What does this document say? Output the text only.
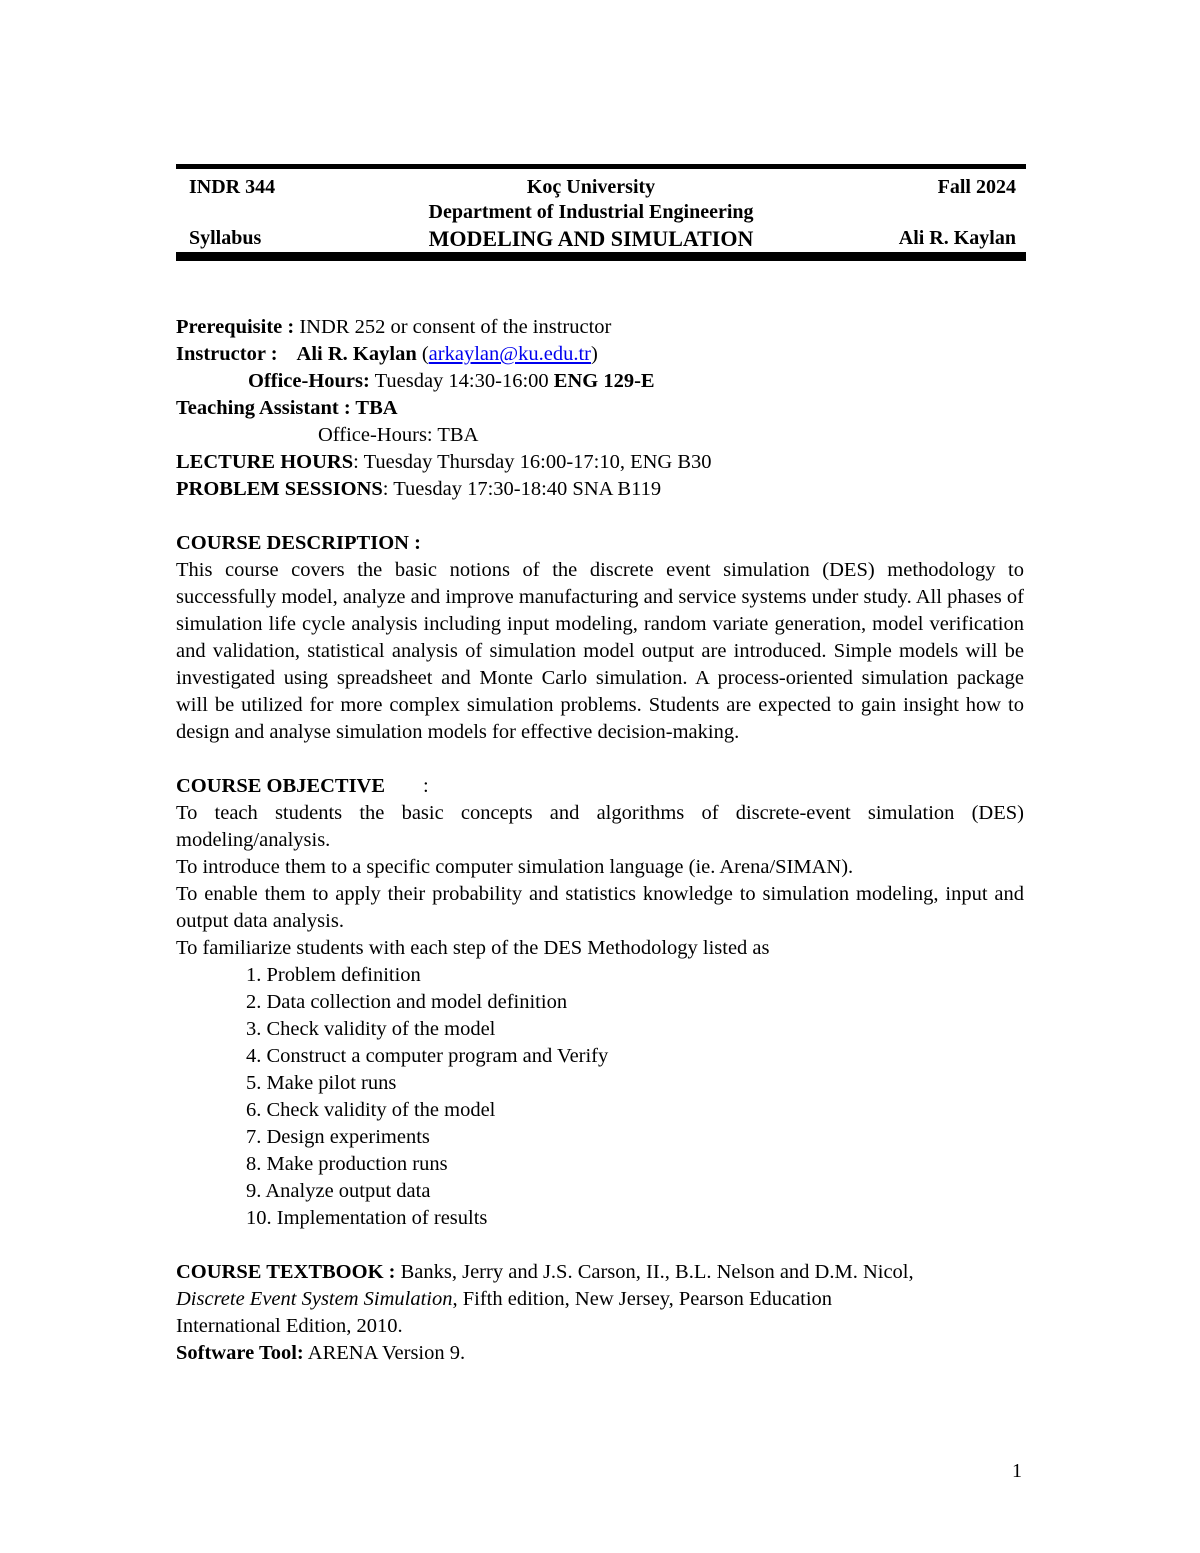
INDR 344	Koç University	Fall 2024
Department of Industrial Engineering
Syllabus	MODELING AND SIMULATION	Ali R. Kaylan
Prerequisite : INDR 252 or consent of the instructor
Instructor : Ali R. Kaylan (arkaylan@ku.edu.tr)
Office-Hours: Tuesday 14:30-16:00 ENG 129-E
Teaching Assistant : TBA
Office-Hours: TBA
LECTURE HOURS: Tuesday Thursday 16:00-17:10, ENG B30
PROBLEM SESSIONS: Tuesday 17:30-18:40 SNA B119
COURSE DESCRIPTION :
This course covers the basic notions of the discrete event simulation (DES) methodology to successfully model, analyze and improve manufacturing and service systems under study. All phases of simulation life cycle analysis including input modeling, random variate generation, model verification and validation, statistical analysis of simulation model output are introduced. Simple models will be investigated using spreadsheet and Monte Carlo simulation. A process-oriented simulation package will be utilized for more complex simulation problems. Students are expected to gain insight how to design and analyse simulation models for effective decision-making.
COURSE OBJECTIVE :
To teach students the basic concepts and algorithms of discrete-event simulation (DES) modeling/analysis.
To introduce them to a specific computer simulation language (ie. Arena/SIMAN).
To enable them to apply their probability and statistics knowledge to simulation modeling, input and output data analysis.
To familiarize students with each step of the DES Methodology listed as
1. Problem definition
2. Data collection and model definition
3. Check validity of the model
4. Construct a computer program and Verify
5. Make pilot runs
6. Check validity of the model
7. Design experiments
8. Make production runs
9. Analyze output data
10. Implementation of results
COURSE TEXTBOOK : Banks, Jerry and J.S. Carson, II., B.L. Nelson and D.M. Nicol,
Discrete Event System Simulation, Fifth edition, New Jersey, Pearson Education
International Edition, 2010.
Software Tool: ARENA Version 9.
1
